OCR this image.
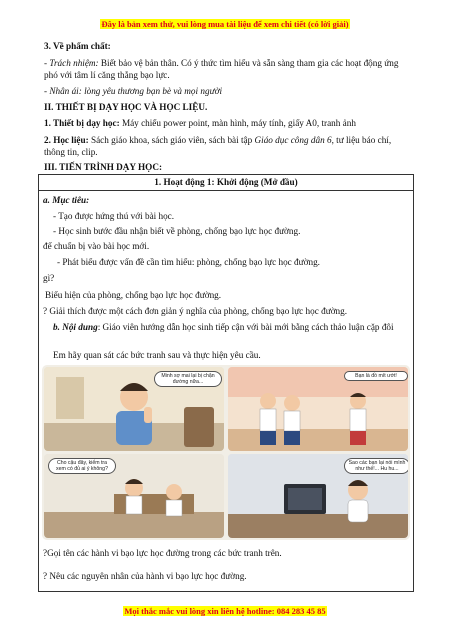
Đây là bản xem thử, vui lòng mua tài liệu để xem chi tiết (có lời giải)
3. Về phẩm chất:
- Trách nhiệm: Biết bảo vệ bản thân. Có ý thức tìm hiểu và sẵn sàng tham gia các hoạt động ứng phó với tâm lí căng thẳng bạo lực.
- Nhân ái: lòng yêu thương bạn bè và mọi người
II. THIẾT BỊ DẠY HỌC VÀ HỌC LIỆU.
1. Thiết bị dạy học: Máy chiếu power point, màn hình, máy tính, giấy A0, tranh ảnh
2. Học liệu: Sách giáo khoa, sách giáo viên, sách bài tập Giáo dục công dân 6, tư liệu báo chí, thông tin, clip.
III. TIẾN TRÌNH DẠY HỌC:
1. Hoạt động 1: Khởi động (Mở đầu)
a. Mục tiêu:
- Tạo được hứng thú với bài học.
- Học sinh bước đầu nhận biết về phòng, chống bạo lực học đường.
để chuẩn bị vào bài học mới.
- Phát biểu được vấn đề cần tìm hiểu: phòng, chống bạo lực học đường.
gì?
Biểu hiện của phòng, chống bạo lực học đường.
? Giải thích được một cách đơn giản ý nghĩa của phòng, chống bạo lực học đường.
b. Nội dung: Giáo viên hướng dẫn học sinh tiếp cận với bài mới bằng cách thảo luận cặp đôi
Em hãy quan sát các bức tranh sau và thực hiện yêu cầu.
Minh sợ mai lại bị chặn đường nữa...
Bạn là đồ mít ướt!
Cho cậu đây, kiểm tra xem có đủ ai ý không?
Sao các bạn lại nói mình như thế!... Hu hu...
?Gọi tên các hành vi bạo lực học đường trong các bức tranh trên.
? Nêu các nguyên nhân của hành vi bạo lực học đường.
Mọi thắc mắc vui lòng xin liên hệ hotline: 084 283 45 85
